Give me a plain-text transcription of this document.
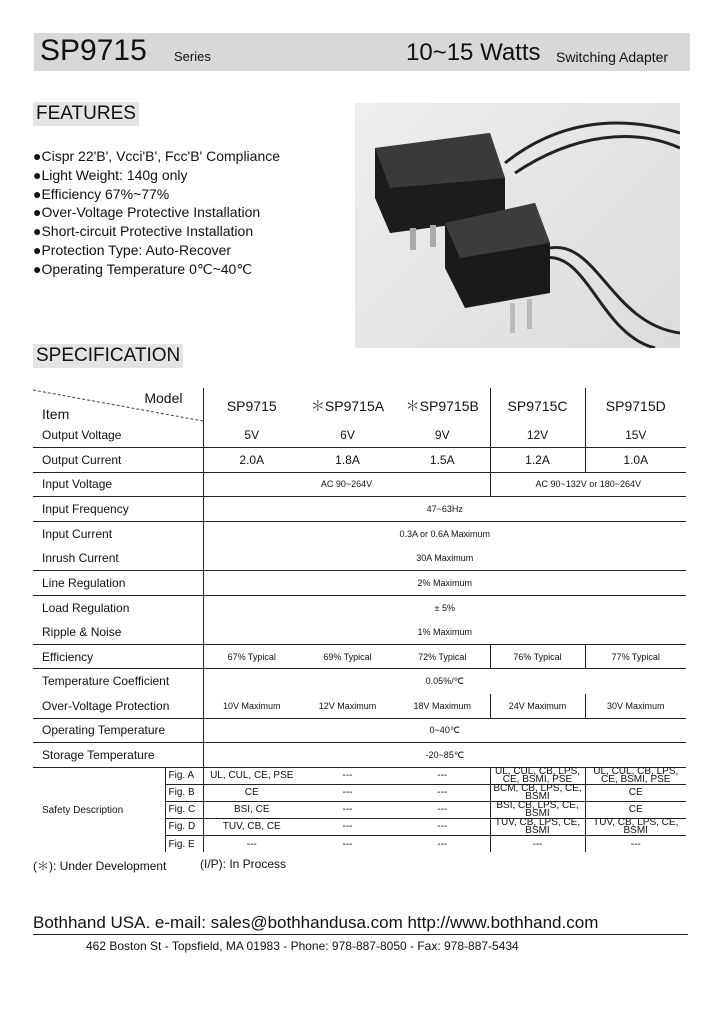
SP9715 Series	10~15 Watts Switching Adapter
FEATURES
● Cispr 22'B', Vcci'B', Fcc'B' Compliance
● Light Weight: 140g only
● Efficiency 67%~77%
● Over-Voltage Protective Installation
● Short-circuit Protective Installation
● Protection Type: Auto-Recover
● Operating Temperature 0℃~40℃
SPECIFICATION
Model
Item		SP9715	＊SP9715A	＊SP9715B	SP9715C	SP9715D
Output Voltage		5V	6V	9V	12V	15V
Output Current		2.0A	1.8A	1.5A	1.2A	1.0A
Input Voltage		AC 90~264V			AC 90~132V or 180~264V	
Input Frequency		47~63Hz				
Input Current		0.3A or 0.6A Maximum				
Inrush Current		30A Maximum				
Line Regulation		2% Maximum				
Load Regulation		± 5%				
Ripple & Noise		1% Maximum				
Efficiency		67% Typical	69% Typical	72% Typical	76% Typical	77% Typical
Temperature Coefficient		0.05%/℃				
Over-Voltage Protection		10V Maximum	12V Maximum	18V Maximum	24V Maximum	30V Maximum
Operating Temperature		0~40℃				
Storage Temperature		-20~85℃				
Safety Description	Fig. A	UL, CUL, CE, PSE	---	---	UL, CUL, CB, LPS, CE, BSMI, PSE	UL, CUL, CB, LPS, CE, BSMI, PSE
	Fig. B	CE	---	---	BCM, CB, LPS, CE, BSMI	CE
	Fig. C	BSI, CE	---	---	BSI, CB, LPS, CE, BSMI	CE
	Fig. D	TUV, CB, CE	---	---	TUV, CB, LPS, CE, BSMI	TUV, CB, LPS, CE, BSMI
	Fig. E	---	---	---	---	---
(＊): Under Development	(I/P): In Process
Bothhand USA. e-mail: sales@bothhandusa.com http://www.bothhand.com
462 Boston St - Topsfield, MA 01983 - Phone: 978-887-8050 - Fax: 978-887-5434
